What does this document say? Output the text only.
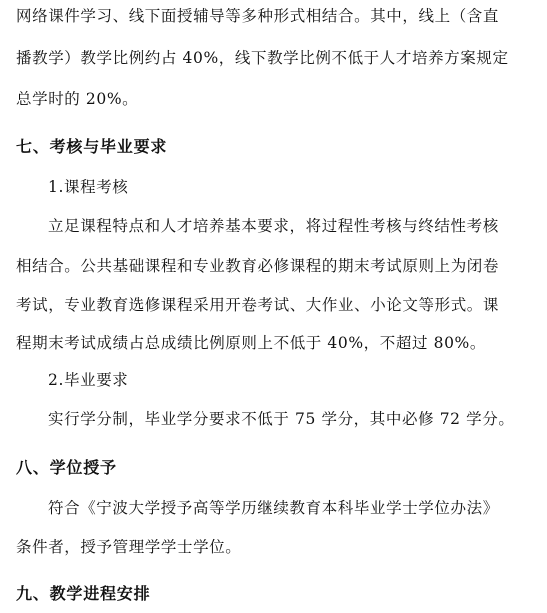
网络课件学习、线下面授辅导等多种形式相结合。其中，线上（含直
播教学）教学比例约占 40%，线下教学比例不低于人才培养方案规定
总学时的 20%。
七、考核与毕业要求
1.课程考核
立足课程特点和人才培养基本要求，将过程性考核与终结性考核
相结合。公共基础课程和专业教育必修课程的期末考试原则上为闭卷
考试，专业教育选修课程采用开卷考试、大作业、小论文等形式。课
程期末考试成绩占总成绩比例原则上不低于 40%，不超过 80%。
2.毕业要求
实行学分制，毕业学分要求不低于 75 学分，其中必修 72 学分。
八、学位授予
符合《宁波大学授予高等学历继续教育本科毕业学士学位办法》
条件者，授予管理学学士学位。
九、教学进程安排
